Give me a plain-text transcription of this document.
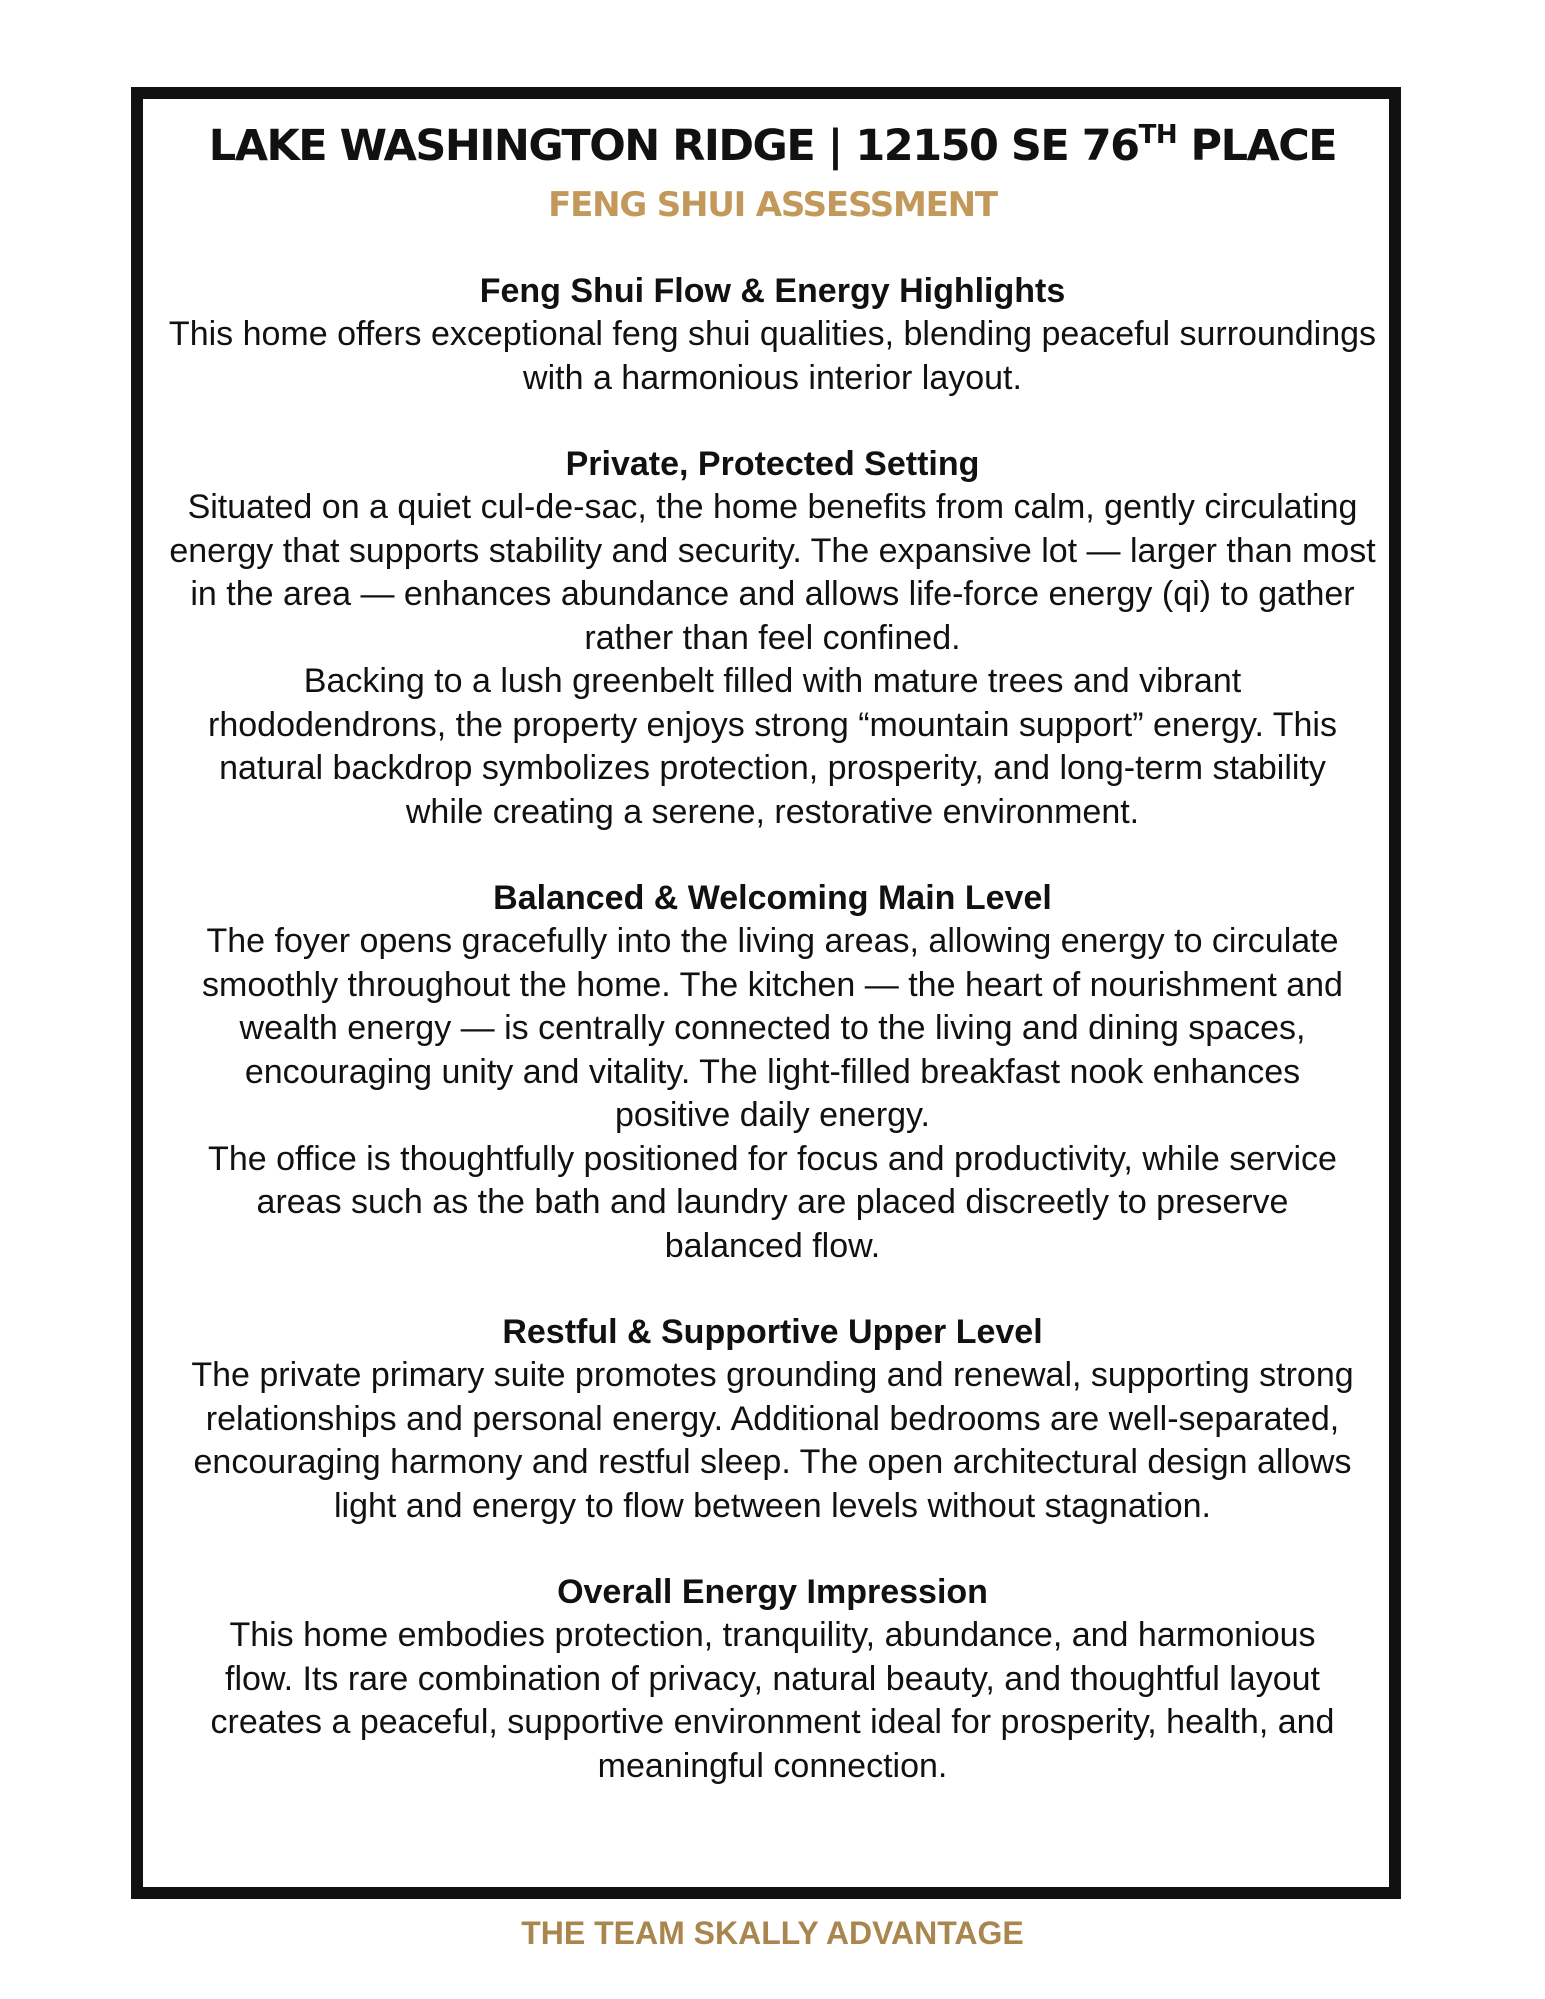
LAKE WASHINGTON RIDGE | 12150 SE 76TH PLACE
FENG SHUI ASSESSMENT
Feng Shui Flow & Energy Highlights

This home offers exceptional feng shui qualities, blending peaceful surroundings with a harmonious interior layout.

Private, Protected Setting

Situated on a quiet cul-de-sac, the home benefits from calm, gently circulating energy that supports stability and security. The expansive lot — larger than most in the area — enhances abundance and allows life-force energy (qi) to gather rather than feel confined.

Backing to a lush greenbelt filled with mature trees and vibrant rhododendrons, the property enjoys strong “mountain support” energy. This natural backdrop symbolizes protection, prosperity, and long-term stability while creating a serene, restorative environment.

Balanced & Welcoming Main Level

The foyer opens gracefully into the living areas, allowing energy to circulate smoothly throughout the home. The kitchen — the heart of nourishment and wealth energy — is centrally connected to the living and dining spaces, encouraging unity and vitality. The light-filled breakfast nook enhances positive daily energy.

The office is thoughtfully positioned for focus and productivity, while service areas such as the bath and laundry are placed discreetly to preserve balanced flow.

Restful & Supportive Upper Level

The private primary suite promotes grounding and renewal, supporting strong relationships and personal energy. Additional bedrooms are well-separated, encouraging harmony and restful sleep. The open architectural design allows light and energy to flow between levels without stagnation.

Overall Energy Impression

This home embodies protection, tranquility, abundance, and harmonious flow. Its rare combination of privacy, natural beauty, and thoughtful layout creates a peaceful, supportive environment ideal for prosperity, health, and meaningful connection.

THE TEAM SKALLY ADVANTAGE
